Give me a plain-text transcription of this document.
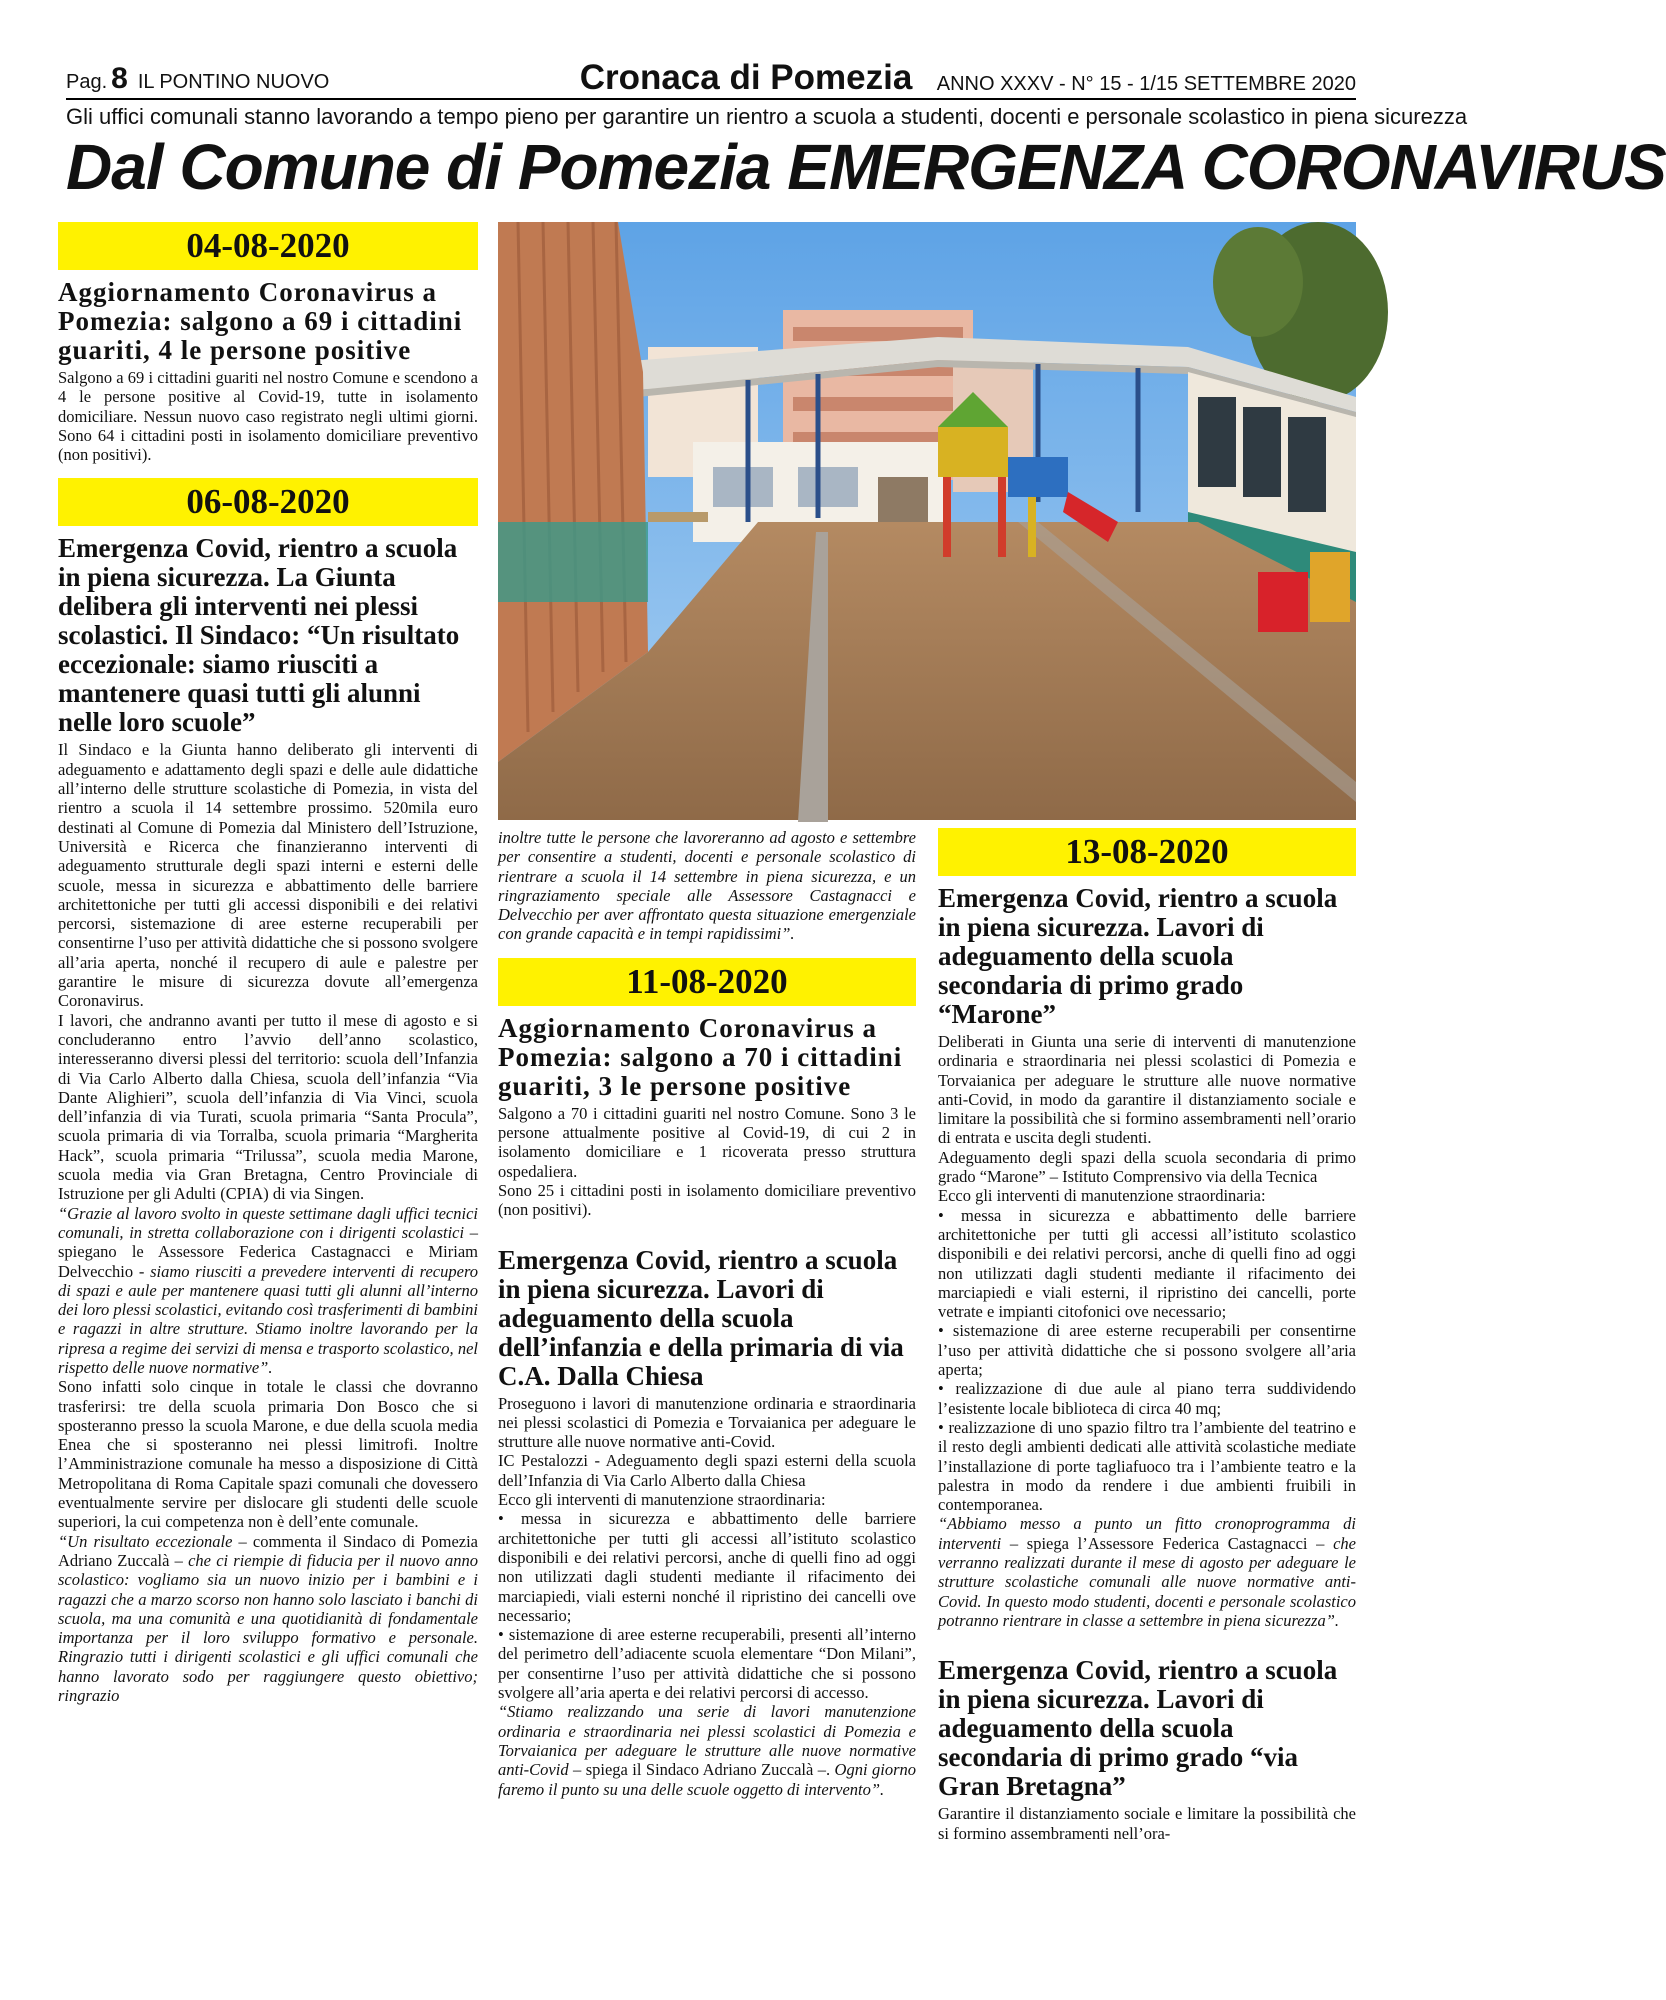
Pag. 8 IL PONTINO NUOVO	Cronaca di Pomezia	ANNO XXXV - N° 15 - 1/15 SETTEMBRE 2020
Gli uffici comunali stanno lavorando a tempo pieno per garantire un rientro a scuola a studenti, docenti e personale scolastico in piena sicurezza
Dal Comune di Pomezia EMERGENZA CORONAVIRUS
04-08-2020
Aggiornamento Coronavirus a Pomezia: salgono a 69 i cittadini guariti, 4 le persone positive

Salgono a 69 i cittadini guariti nel nostro Comune e scendono a 4 le persone positive al Covid-19, tutte in isolamento domiciliare. Nessun nuovo caso registrato negli ultimi giorni. Sono 64 i cittadini posti in isolamento domiciliare preventivo (non positivi).

06-08-2020
Emergenza Covid, rientro a scuola in piena sicurezza. La Giunta delibera gli interventi nei plessi scolastici. Il Sindaco: “Un risultato eccezionale: siamo riusciti a mantenere quasi tutti gli alunni nelle loro scuole”

Il Sindaco e la Giunta hanno deliberato gli interventi di adeguamento e adattamento degli spazi e delle aule didattiche all’interno delle strutture scolastiche di Pomezia, in vista del rientro a scuola il 14 settembre prossimo. 520mila euro destinati al Comune di Pomezia dal Ministero dell’Istruzione, Università e Ricerca che finanzieranno interventi di adeguamento strutturale degli spazi interni e esterni delle scuole, messa in sicurezza e abbattimento delle barriere architettoniche per tutti gli accessi disponibili e dei relativi percorsi, sistemazione di aree esterne recuperabili per consentirne l’uso per attività didattiche che si possono svolgere all’aria aperta, nonché il recupero di aule e palestre per garantire le misure di sicurezza dovute all’emergenza Coronavirus.

I lavori, che andranno avanti per tutto il mese di agosto e si concluderanno entro l’avvio dell’anno scolastico, interesseranno diversi plessi del territorio: scuola dell’Infanzia di Via Carlo Alberto dalla Chiesa, scuola dell’infanzia “Via Dante Alighieri”, scuola dell’infanzia di Via Vinci, scuola dell’infanzia di via Turati, scuola primaria “Santa Procula”, scuola primaria di via Torralba, scuola primaria “Margherita Hack”, scuola primaria “Trilussa”, scuola media Marone, scuola media via Gran Bretagna, Centro Provinciale di Istruzione per gli Adulti (CPIA) di via Singen.

“Grazie al lavoro svolto in queste settimane dagli uffici tecnici comunali, in stretta collaborazione con i dirigenti scolastici – spiegano le Assessore Federica Castagnacci e Miriam Delvecchio - siamo riusciti a prevedere interventi di recupero di spazi e aule per mantenere quasi tutti gli alunni all’interno dei loro plessi scolastici, evitando così trasferimenti di bambini e ragazzi in altre strutture. Stiamo inoltre lavorando per la ripresa a regime dei servizi di mensa e trasporto scolastico, nel rispetto delle nuove normative”.

Sono infatti solo cinque in totale le classi che dovranno trasferirsi: tre della scuola primaria Don Bosco che si sposteranno presso la scuola Marone, e due della scuola media Enea che si sposteranno nei plessi limitrofi. Inoltre l’Amministrazione comunale ha messo a disposizione di Città Metropolitana di Roma Capitale spazi comunali che dovessero eventualmente servire per dislocare gli studenti delle scuole superiori, la cui competenza non è dell’ente comunale.

“Un risultato eccezionale – commenta il Sindaco di Pomezia Adriano Zuccalà – che ci riempie di fiducia per il nuovo anno scolastico: vogliamo sia un nuovo inizio per i bambini e i ragazzi che a marzo scorso non hanno solo lasciato i banchi di scuola, ma una comunità e una quotidianità di fondamentale importanza per il loro sviluppo formativo e personale. Ringrazio tutti i dirigenti scolastici e gli uffici comunali che hanno lavorato sodo per raggiungere questo obiettivo; ringrazio

inoltre tutte le persone che lavoreranno ad agosto e settembre per consentire a studenti, docenti e personale scolastico di rientrare a scuola il 14 settembre in piena sicurezza, e un ringraziamento speciale alle Assessore Castagnacci e Delvecchio per aver affrontato questa situazione emergenziale con grande capacità e in tempi rapidissimi”.

11-08-2020
Aggiornamento Coronavirus a Pomezia: salgono a 70 i cittadini guariti, 3 le persone positive

Salgono a 70 i cittadini guariti nel nostro Comune. Sono 3 le persone attualmente positive al Covid-19, di cui 2 in isolamento domiciliare e 1 ricoverata presso struttura ospedaliera.

Sono 25 i cittadini posti in isolamento domiciliare preventivo (non positivi).

Emergenza Covid, rientro a scuola in piena sicurezza. Lavori di adeguamento della scuola dell’infanzia e della primaria di via C.A. Dalla Chiesa

Proseguono i lavori di manutenzione ordinaria e straordinaria nei plessi scolastici di Pomezia e Torvaianica per adeguare le strutture alle nuove normative anti-Covid.

IC Pestalozzi - Adeguamento degli spazi esterni della scuola dell’Infanzia di Via Carlo Alberto dalla Chiesa

Ecco gli interventi di manutenzione straordinaria:

• messa in sicurezza e abbattimento delle barriere architettoniche per tutti gli accessi all’istituto scolastico disponibili e dei relativi percorsi, anche di quelli fino ad oggi non utilizzati dagli studenti mediante il rifacimento dei marciapiedi, viali esterni nonché il ripristino dei cancelli ove necessario;

• sistemazione di aree esterne recuperabili, presenti all’interno del perimetro dell’adiacente scuola elementare “Don Milani”, per consentirne l’uso per attività didattiche che si possono svolgere all’aria aperta e dei relativi percorsi di accesso.

“Stiamo realizzando una serie di lavori manutenzione ordinaria e straordinaria nei plessi scolastici di Pomezia e Torvaianica per adeguare le strutture alle nuove normative anti-Covid – spiega il Sindaco Adriano Zuccalà –. Ogni giorno faremo il punto su una delle scuole oggetto di intervento”.

13-08-2020
Emergenza Covid, rientro a scuola in piena sicurezza. Lavori di adeguamento della scuola secondaria di primo grado “Marone”

Deliberati in Giunta una serie di interventi di manutenzione ordinaria e straordinaria nei plessi scolastici di Pomezia e Torvaianica per adeguare le strutture alle nuove normative anti-Covid, in modo da garantire il distanziamento sociale e limitare la possibilità che si formino assembramenti nell’orario di entrata e uscita degli studenti.

Adeguamento degli spazi della scuola secondaria di primo grado “Marone” – Istituto Comprensivo via della Tecnica

Ecco gli interventi di manutenzione straordinaria:

• messa in sicurezza e abbattimento delle barriere architettoniche per tutti gli accessi all’istituto scolastico disponibili e dei relativi percorsi, anche di quelli fino ad oggi non utilizzati dagli studenti mediante il rifacimento dei marciapiedi e viali esterni, il ripristino dei cancelli, porte vetrate e impianti citofonici ove necessario;

• sistemazione di aree esterne recuperabili per consentirne l’uso per attività didattiche che si possono svolgere all’aria aperta;

• realizzazione di due aule al piano terra suddividendo l’esistente locale biblioteca di circa 40 mq;

• realizzazione di uno spazio filtro tra l’ambiente del teatrino e il resto degli ambienti dedicati alle attività scolastiche mediate l’installazione di porte tagliafuoco tra i l’ambiente teatro e la palestra in modo da rendere i due ambienti fruibili in contemporanea.

“Abbiamo messo a punto un fitto cronoprogramma di interventi – spiega l’Assessore Federica Castagnacci – che verranno realizzati durante il mese di agosto per adeguare le strutture scolastiche comunali alle nuove normative anti-Covid. In questo modo studenti, docenti e personale scolastico potranno rientrare in classe a settembre in piena sicurezza”.

Emergenza Covid, rientro a scuola in piena sicurezza. Lavori di adeguamento della scuola secondaria di primo grado “via Gran Bretagna”

Garantire il distanziamento sociale e limitare la possibilità che si formino assembramenti nell’ora-
